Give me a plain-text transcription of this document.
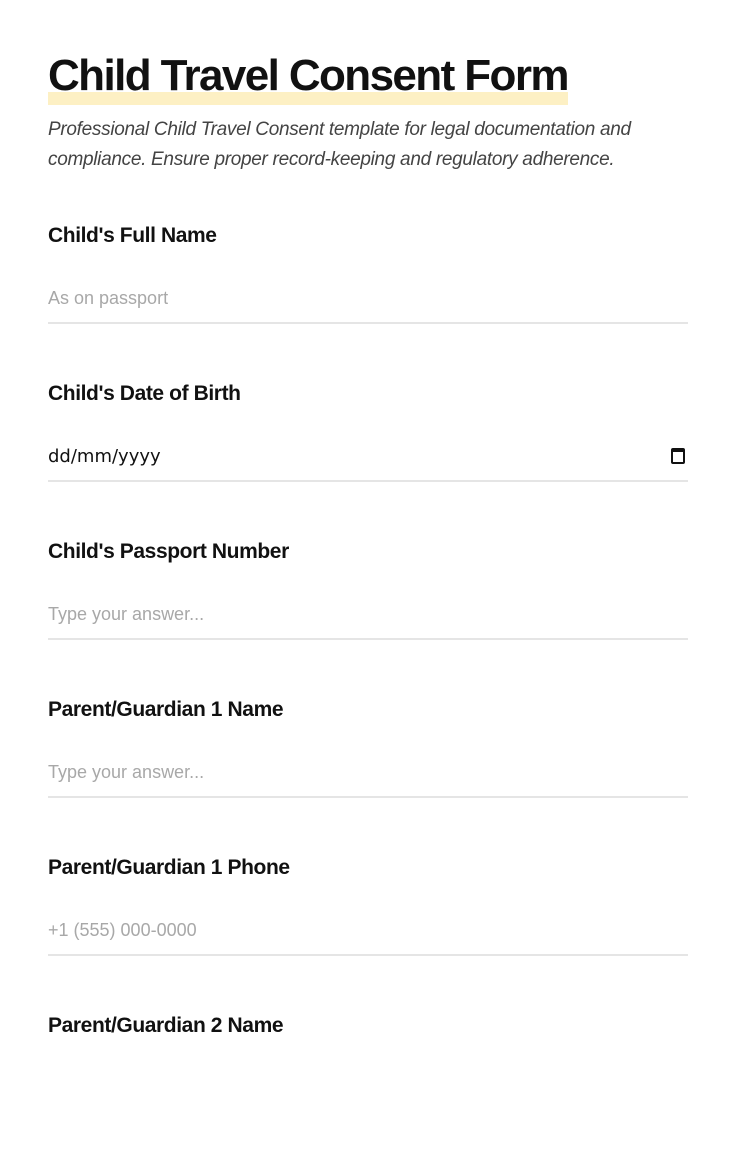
Child Travel Consent Form

Professional Child Travel Consent template for legal documentation and compliance. Ensure proper record-keeping and regulatory adherence.

Child's Full Name
As on passport
Child's Date of Birth
dd/mm/yyyy
Child's Passport Number
Type your answer...
Parent/Guardian 1 Name
Type your answer...
Parent/Guardian 1 Phone
+1 (555) 000-0000
Parent/Guardian 2 Name
